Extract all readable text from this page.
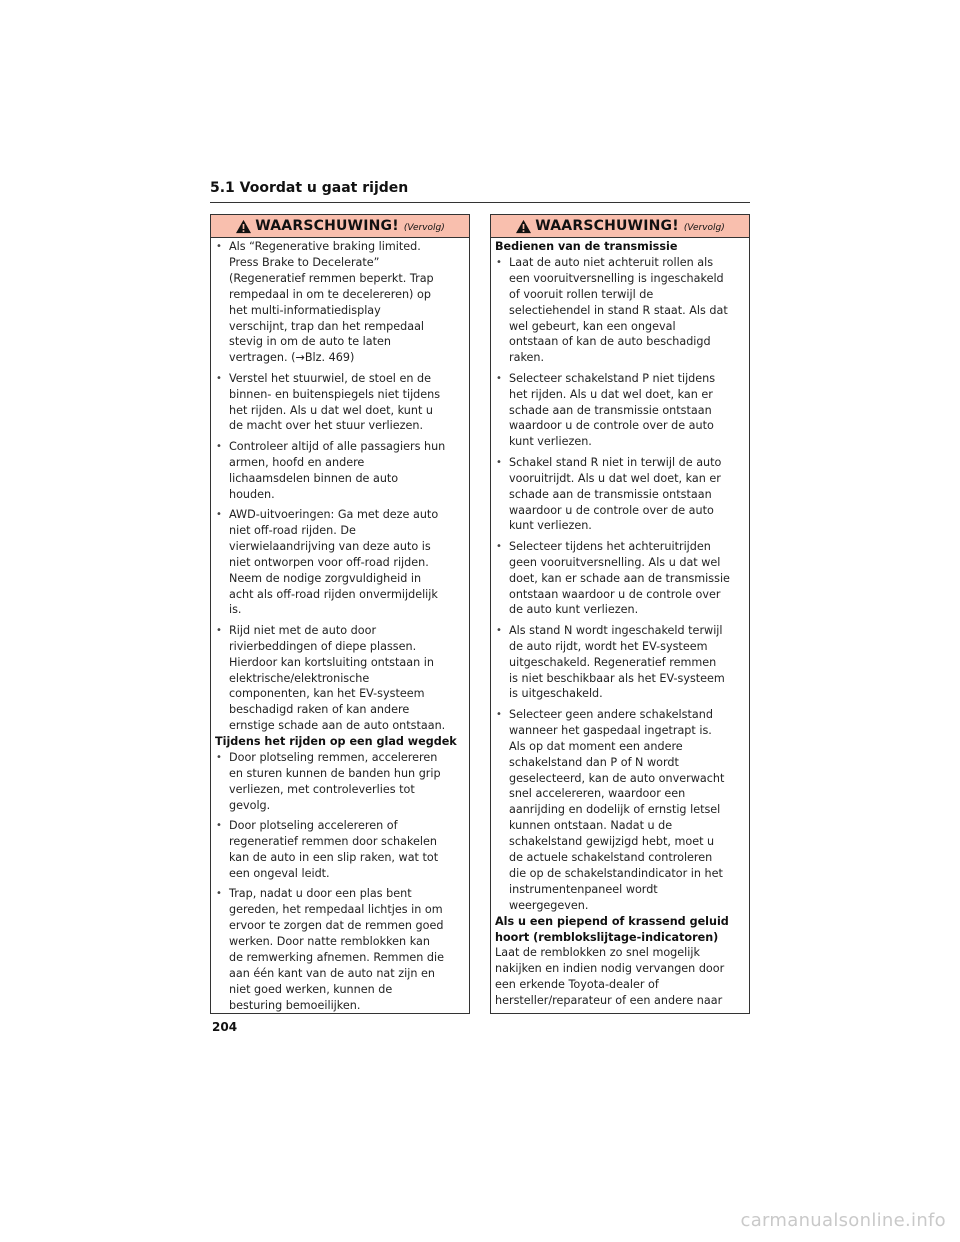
5.1 Voordat u gaat rijden
WAARSCHUWING! (Vervolg)
• Als “Regenerative braking limited.
Press Brake to Decelerate”
(Regeneratief remmen beperkt. Trap
rempedaal in om te decelereren) op
het multi-informatiedisplay
verschijnt, trap dan het rempedaal
stevig in om de auto te laten
vertragen. (→Blz. 469)
• Verstel het stuurwiel, de stoel en de
binnen- en buitenspiegels niet tijdens
het rijden. Als u dat wel doet, kunt u
de macht over het stuur verliezen.
• Controleer altijd of alle passagiers hun
armen, hoofd en andere
lichaamsdelen binnen de auto
houden.
• AWD-uitvoeringen: Ga met deze auto
niet off-road rijden. De
vierwielaandrijving van deze auto is
niet ontworpen voor off-road rijden.
Neem de nodige zorgvuldigheid in
acht als off-road rijden onvermijdelijk
is.
• Rijd niet met de auto door
rivierbeddingen of diepe plassen.
Hierdoor kan kortsluiting ontstaan in
elektrische/elektronische
componenten, kan het EV-systeem
beschadigd raken of kan andere
ernstige schade aan de auto ontstaan.
Tijdens het rijden op een glad wegdek
• Door plotseling remmen, accelereren
en sturen kunnen de banden hun grip
verliezen, met controleverlies tot
gevolg.
• Door plotseling accelereren of
regeneratief remmen door schakelen
kan de auto in een slip raken, wat tot
een ongeval leidt.
• Trap, nadat u door een plas bent
gereden, het rempedaal lichtjes in om
ervoor te zorgen dat de remmen goed
werken. Door natte remblokken kan
de remwerking afnemen. Remmen die
aan één kant van de auto nat zijn en
niet goed werken, kunnen de
besturing bemoeilijken.
WAARSCHUWING! (Vervolg)
Bedienen van de transmissie
• Laat de auto niet achteruit rollen als
een vooruitversnelling is ingeschakeld
of vooruit rollen terwijl de
selectiehendel in stand R staat. Als dat
wel gebeurt, kan een ongeval
ontstaan of kan de auto beschadigd
raken.
• Selecteer schakelstand P niet tijdens
het rijden. Als u dat wel doet, kan er
schade aan de transmissie ontstaan
waardoor u de controle over de auto
kunt verliezen.
• Schakel stand R niet in terwijl de auto
vooruitrijdt. Als u dat wel doet, kan er
schade aan de transmissie ontstaan
waardoor u de controle over de auto
kunt verliezen.
• Selecteer tijdens het achteruitrijden
geen vooruitversnelling. Als u dat wel
doet, kan er schade aan de transmissie
ontstaan waardoor u de controle over
de auto kunt verliezen.
• Als stand N wordt ingeschakeld terwijl
de auto rijdt, wordt het EV-systeem
uitgeschakeld. Regeneratief remmen
is niet beschikbaar als het EV-systeem
is uitgeschakeld.
• Selecteer geen andere schakelstand
wanneer het gaspedaal ingetrapt is.
Als op dat moment een andere
schakelstand dan P of N wordt
geselecteerd, kan de auto onverwacht
snel accelereren, waardoor een
aanrijding en dodelijk of ernstig letsel
kunnen ontstaan. Nadat u de
schakelstand gewijzigd hebt, moet u
de actuele schakelstand controleren
die op de schakelstandindicator in het
instrumentenpaneel wordt
weergegeven.
Als u een piepend of krassend geluid
hoort (remblokslijtage-indicatoren)
Laat de remblokken zo snel mogelijk
nakijken en indien nodig vervangen door
een erkende Toyota-dealer of
hersteller/reparateur of een andere naar
204
carmanualsonline.info
